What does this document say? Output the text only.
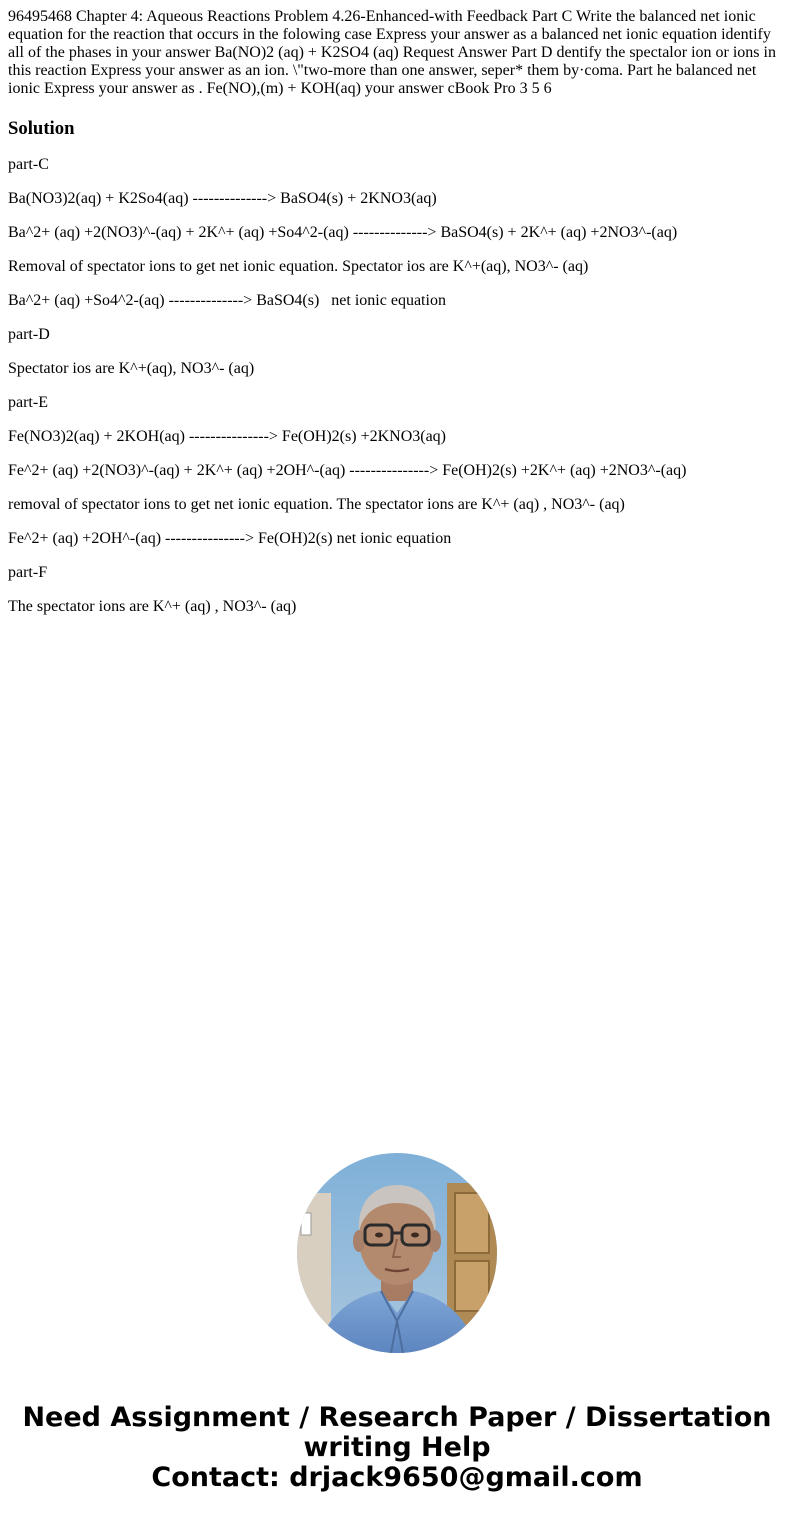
96495468 Chapter 4: Aqueous Reactions Problem 4.26-Enhanced-with Feedback Part C Write the balanced net ionic equation for the reaction that occurs in the folowing case Express your answer as a balanced net ionic equation identify all of the phases in your answer Ba(NO)2 (aq) + K2SO4 (aq) Request Answer Part D dentify the spectalor ion or ions in this reaction Express your answer as an ion. \"two-more than one answer, seper* them by·coma. Part he balanced net ionic Express your answer as . Fe(NO),(m) + KOH(aq) your answer cBook Pro 3 5 6

Solution

part-C

Ba(NO3)2(aq) + K2So4(aq) --------------> BaSO4(s) + 2KNO3(aq)

Ba^2+ (aq) +2(NO3)^-(aq) + 2K^+ (aq) +So4^2-(aq) --------------> BaSO4(s) + 2K^+ (aq) +2NO3^-(aq)

Removal of spectator ions to get net ionic equation. Spectator ios are K^+(aq), NO3^- (aq)

Ba^2+ (aq) +So4^2-(aq) --------------> BaSO4(s)   net ionic equation

part-D

Spectator ios are K^+(aq), NO3^- (aq)

part-E

Fe(NO3)2(aq) + 2KOH(aq) ---------------> Fe(OH)2(s) +2KNO3(aq)

Fe^2+ (aq) +2(NO3)^-(aq) + 2K^+ (aq) +2OH^-(aq) ---------------> Fe(OH)2(s) +2K^+ (aq) +2NO3^-(aq)

removal of spectator ions to get net ionic equation. The spectator ions are K^+ (aq) , NO3^- (aq)

Fe^2+ (aq) +2OH^-(aq) ---------------> Fe(OH)2(s) net ionic equation

part-F

The spectator ions are K^+ (aq) , NO3^- (aq)

Need Assignment / Research Paper / Dissertation
writing Help
Contact: drjack9650@gmail.com
